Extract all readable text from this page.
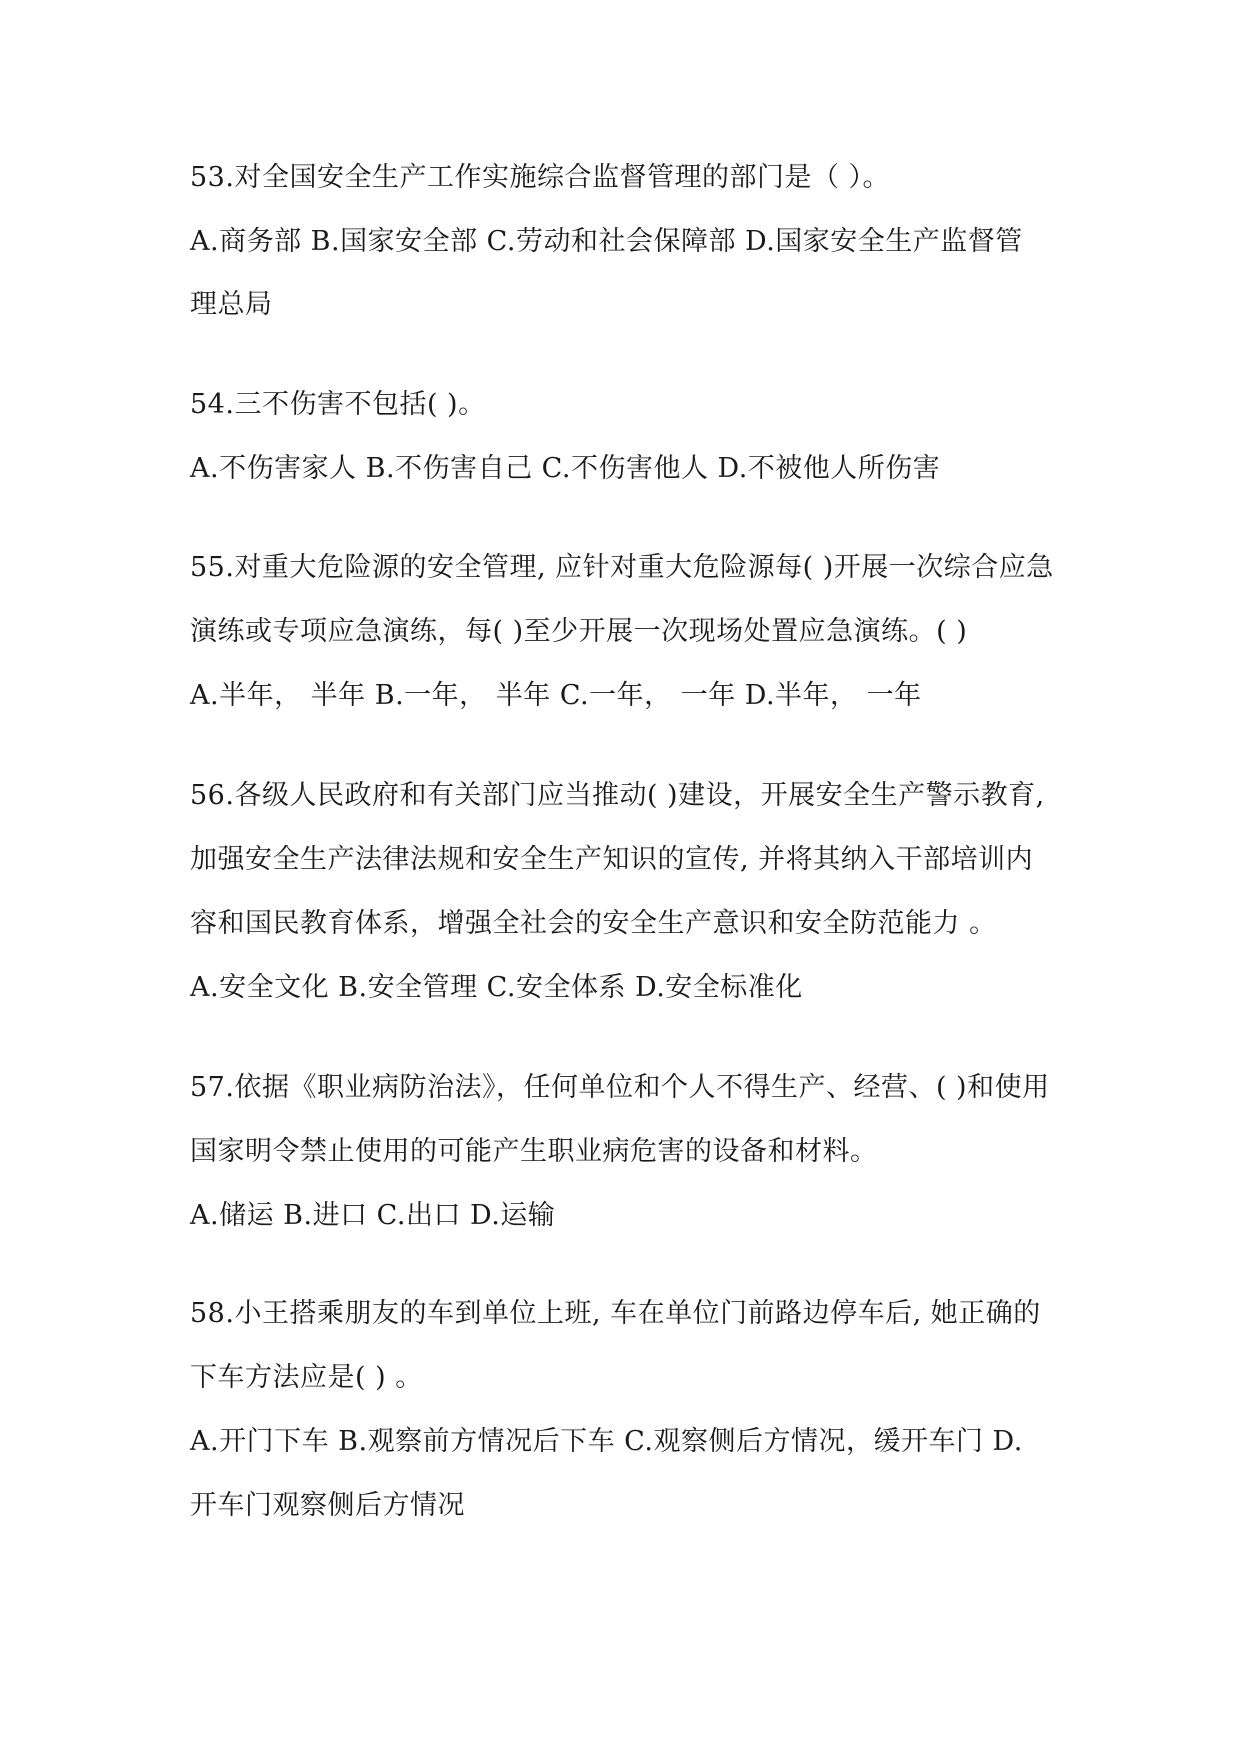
53.对全国安全生产工作实施综合监督管理的部门是（ ）。
A.商务部 B.国家安全部 C.劳动和社会保障部 D.国家安全生产监督管
理总局
54.三不伤害不包括( )。
A.不伤害家人 B.不伤害自己 C.不伤害他人 D.不被他人所伤害
55.对重大危险源的安全管理, 应针对重大危险源每( )开展一次综合应急
演练或专项应急演练，每( )至少开展一次现场处置应急演练。( )
A.半年， 半年 B.一年， 半年 C.一年， 一年 D.半年， 一年
56.各级人民政府和有关部门应当推动( )建设，开展安全生产警示教育,
加强安全生产法律法规和安全生产知识的宣传, 并将其纳入干部培训内
容和国民教育体系，增强全社会的安全生产意识和安全防范能力 。
A.安全文化 B.安全管理 C.安全体系 D.安全标准化
57.依据《职业病防治法》，任何单位和个人不得生产、经营、( )和使用
国家明令禁止使用的可能产生职业病危害的设备和材料。
A.储运 B.进口 C.出口 D.运输
58.小王搭乘朋友的车到单位上班, 车在单位门前路边停车后, 她正确的
下车方法应是( ) 。
A.开门下车 B.观察前方情况后下车 C.观察侧后方情况，缓开车门 D.
开车门观察侧后方情况
